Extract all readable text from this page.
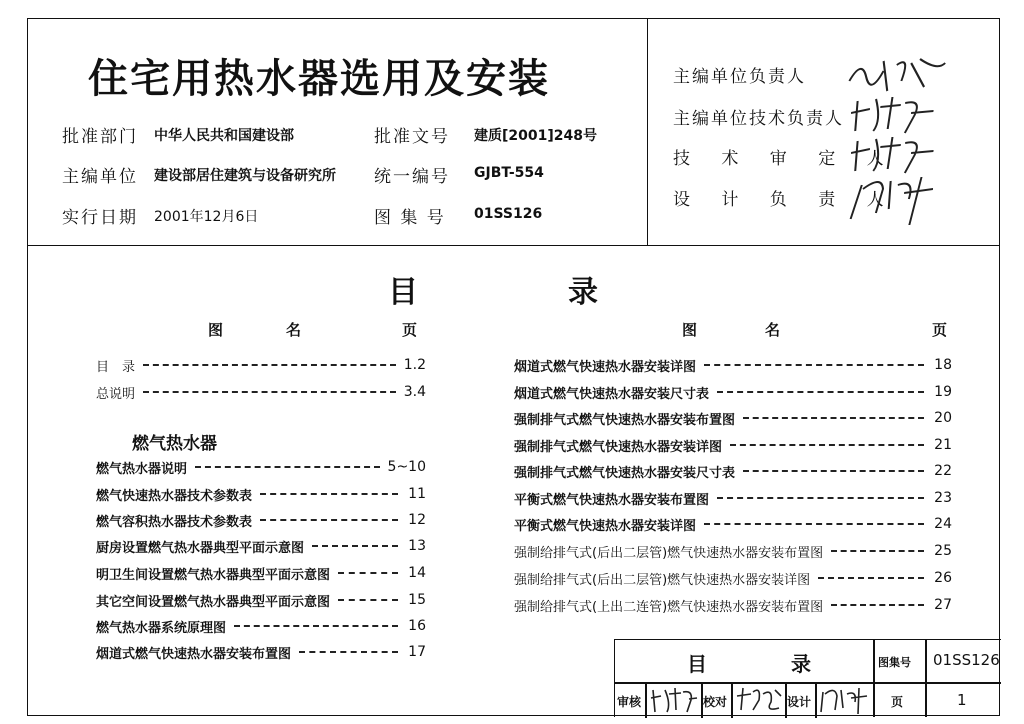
住宅用热水器选用及安装
批准部门 中华人民共和国建设部
主编单位 建设部居住建筑与设备研究所
实行日期 2001年12月6日
批准文号 建质[2001]248号
统一编号 GJBT-554
图 集 号 01SS126
主编单位负责人
主编单位技术负责人
技 术 审 定 人
设 计 负 责 人
目	录
图	名	页	图	名	页
目　录	1.2
总说明	3.4
燃气热水器
燃气热水器说明	5~10
燃气快速热水器技术参数表	11
燃气容积热水器技术参数表	12
厨房设置燃气热水器典型平面示意图	13
明卫生间设置燃气热水器典型平面示意图	14
其它空间设置燃气热水器典型平面示意图	15
燃气热水器系统原理图	16
烟道式燃气快速热水器安装布置图	17
烟道式燃气快速热水器安装详图	18
烟道式燃气快速热水器安装尺寸表	19
强制排气式燃气快速热水器安装布置图	20
强制排气式燃气快速热水器安装详图	21
强制排气式燃气快速热水器安装尺寸表	22
平衡式燃气快速热水器安装布置图	23
平衡式燃气快速热水器安装详图	24
强制给排气式(后出二层管)燃气快速热水器安装布置图	25
强制给排气式(后出二层管)燃气快速热水器安装详图	26
强制给排气式(上出二连管)燃气快速热水器安装布置图	27
目	录	图集号 01SS126
审核	校对	设计	页	1
